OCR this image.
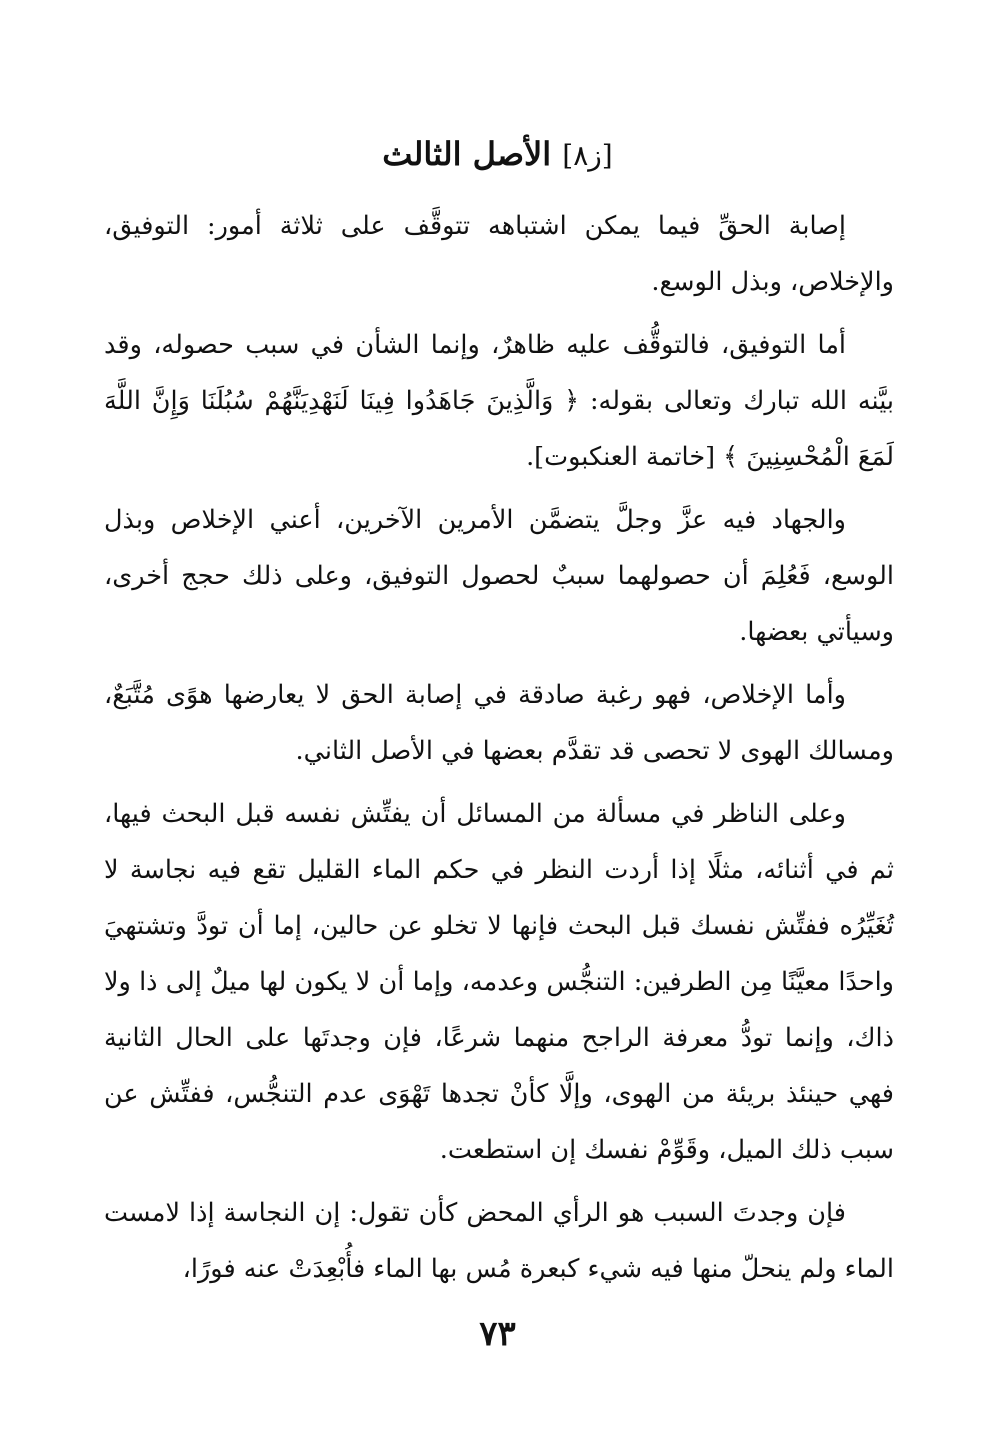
[ز٨] الأصل الثالث

إصابة الحقِّ فيما يمكن اشتباهه تتوقَّف على ثلاثة أمور: التوفيق، والإخلاص، وبذل الوسع.

أما التوفيق، فالتوقُّف عليه ظاهرٌ، وإنما الشأن في سبب حصوله، وقد بيَّنه الله تبارك وتعالى بقوله: ﴿ وَالَّذِينَ جَاهَدُوا فِينَا لَنَهْدِيَنَّهُمْ سُبُلَنَا وَإِنَّ اللَّهَ لَمَعَ الْمُحْسِنِينَ ﴾ [خاتمة العنكبوت].

والجهاد فيه عزَّ وجلَّ يتضمَّن الأمرين الآخرين، أعني الإخلاص وبذل الوسع، فَعُلِمَ أن حصولهما سببٌ لحصول التوفيق، وعلى ذلك حجج أخرى، وسيأتي بعضها.

وأما الإخلاص، فهو رغبة صادقة في إصابة الحق لا يعارضها هوًى مُتَّبَعٌ، ومسالك الهوى لا تحصى قد تقدَّم بعضها في الأصل الثاني.

وعلى الناظر في مسألة من المسائل أن يفتِّش نفسه قبل البحث فيها، ثم في أثنائه، مثلًا إذا أردت النظر في حكم الماء القليل تقع فيه نجاسة لا تُغَيِّرُه ففتِّش نفسك قبل البحث فإنها لا تخلو عن حالين، إما أن تودَّ وتشتهيَ واحدًا معيَّنًا مِن الطرفين: التنجُّس وعدمه، وإما أن لا يكون لها ميلٌ إلى ذا ولا ذاك، وإنما تودُّ معرفة الراجح منهما شرعًا، فإن وجدتَها على الحال الثانية فهي حينئذ بريئة من الهوى، وإلَّا كأنْ تجدها تَهْوَى عدم التنجُّس، ففتِّش عن سبب ذلك الميل، وقَوِّمْ نفسك إن استطعت.

فإن وجدتَ السبب هو الرأي المحض كأن تقول: إن النجاسة إذا لامست الماء ولم ينحلّ منها فيه شيء كبعرة مُس بها الماء فأُبْعِدَتْ عنه فورًا،

٧٣
